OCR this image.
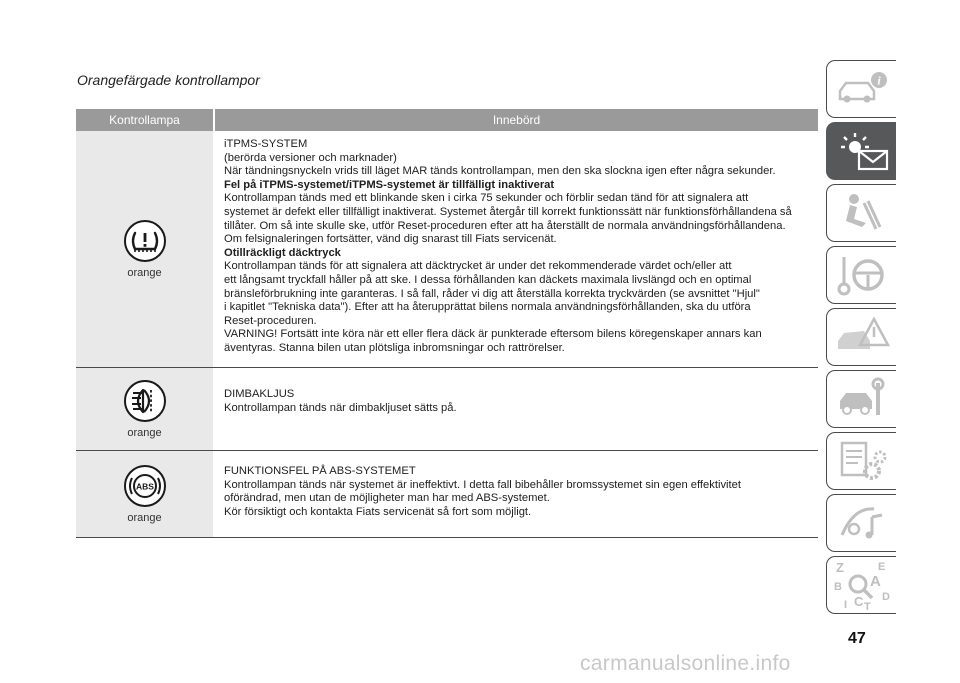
Orangefärgade kontrollampor
Kontrollampa	Innebörd
orange
iTPMS-SYSTEM
(berörda versioner och marknader)
När tändningsnyckeln vrids till läget MAR tänds kontrollampan, men den ska slockna igen efter några sekunder.
Fel på iTPMS-systemet/iTPMS-systemet är tillfälligt inaktiverat
Kontrollampan tänds med ett blinkande sken i cirka 75 sekunder och förblir sedan tänd för att signalera att
systemet är defekt eller tillfälligt inaktiverat. Systemet återgår till korrekt funktionssätt när funktionsförhållandena så
tillåter. Om så inte skulle ske, utför Reset-proceduren efter att ha återställt de normala användningsförhållandena.
Om felsignaleringen fortsätter, vänd dig snarast till Fiats servicenät.
Otillräckligt däcktryck
Kontrollampan tänds för att signalera att däcktrycket är under det rekommenderade värdet och/eller att
ett långsamt tryckfall håller på att ske. I dessa förhållanden kan däckets maximala livslängd och en optimal
bränsleförbrukning inte garanteras. I så fall, råder vi dig att återställa korrekta tryckvärden (se avsnittet "Hjul"
i kapitlet "Tekniska data"). Efter att ha återupprättat bilens normala användningsförhållanden, ska du utföra
Reset-proceduren.
VARNING! Fortsätt inte köra när ett eller flera däck är punkterade eftersom bilens köregenskaper annars kan
äventyras. Stanna bilen utan plötsliga inbromsningar och rattrörelser.
orange
DIMBAKLJUS
Kontrollampan tänds när dimbakljuset sätts på.
ABS
orange
FUNKTIONSFEL PÅ ABS-SYSTEMET
Kontrollampan tänds när systemet är ineffektivt. I detta fall bibehåller bromssystemet sin egen effektivitet
oförändrad, men utan de möjligheter man har med ABS-systemet.
Kör försiktigt och kontakta Fiats servicenät så fort som möjligt.
i
Z	E
A
B
C D
I T
47
carmanualsonline.info
